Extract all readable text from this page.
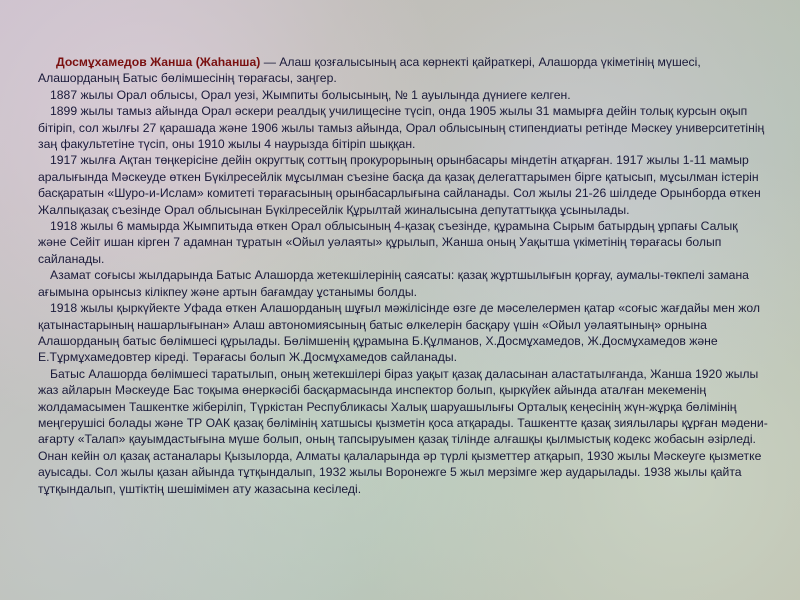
Досмұхамедов Жанша (Жаһанша) — Алаш қозғалысының аса көрнекті қайраткері, Алашорда үкіметінің мүшесі, Алашорданың Батыс бөлімшесінің төрағасы, заңгер.

1887 жылы Орал облысы, Орал уезі, Жымпиты болысының, № 1 ауылында дүниеге келген.

1899 жылы тамыз айында Орал әскери реалдық училищесіне түсіп, онда 1905 жылы 31 мамырға дейін толық курсын оқып бітіріп, сол жылғы 27 қарашада және 1906 жылы тамыз айында, Орал облысының стипендиаты ретінде Мәскеу университетінің заң факультетіне түсіп, оны 1910 жылы 4 наурызда бітіріп шыққан.

1917 жылға Ақтан төңкерісіне дейін округтық соттың прокурорының орынбасары міндетін атқарған. 1917 жылы 1-11 мамыр аралығында Мәскеуде өткен Бүкілресейлік мұсылман съезіне басқа да қазақ делегаттарымен бірге қатысып, мұсылман істерін басқаратын «Шуро-и-Ислам» комитеті төрағасының орынбасарлығына сайланады. Сол жылы 21-26 шілдеде Орынборда өткен Жалпықазақ съезінде Орал облысынан Бүкілресейлік Құрылтай жиналысына депутаттыққа ұсынылады.

1918 жылы 6 мамырда Жымпитыда өткен Орал облысының 4-қазақ съезінде, құрамына Сырым батырдың ұрпағы Салық және Сейіт ишан кірген 7 адамнан тұратын «Ойыл уәлаяты» құрылып, Жанша оның Уақытша үкіметінің төрағасы болып сайланады.

Азамат соғысы жылдарында Батыс Алашорда жетекшілерінің саясаты: қазақ жұртшылығын қорғау, аумалы-төкпелі замана ағымына орынсыз кілікпеу және артын бағамдау ұстанымы болды.

1918 жылы қыркүйекте Уфада өткен Алашорданың шұғыл мәжілісінде өзге де мәселелермен қатар «соғыс жағдайы мен жол қатынастарының нашарлығынан» Алаш автономиясының батыс өлкелерін басқару үшін «Ойыл уәлаятының» орнына Алашорданың батыс бөлімшесі құрылады. Бөлімшенің құрамына Б.Құлманов, Х.Досмұхамедов, Ж.Досмұхамедов және Е.Тұрмұхамедовтер кіреді. Төрағасы болып Ж.Досмұхамедов сайланады.

Батыс Алашорда бөлімшесі таратылып, оның жетекшілері біраз уақыт қазақ даласынан аластатылғанда, Жанша 1920 жылы жаз айларын Мәскеуде Бас тоқыма өнеркәсібі басқармасында инспектор болып, қыркүйек айында аталған мекеменің жолдамасымен Ташкентке жіберіліп, Түркістан Республикасы Халық шаруашылығы Орталық кеңесінің жүн-жұрқа бөлімінің меңгерушісі болады және ТР ОАК қазақ бөлімінің хатшысы қызметін қоса атқарады. Ташкентте қазақ зиялылары құрған мәдени-ағарту «Талап» қауымдастығына мүше болып, оның тапсыруымен қазақ тілінде алғашқы қылмыстық кодекс жобасын әзірледі. Онан кейін ол қазақ астаналары Қызылорда, Алматы қалаларында әр түрлі қызметтер атқарып, 1930 жылы Мәскеуге қызметке ауысады. Сол жылы қазан айында тұтқындалып, 1932 жылы Воронежге 5 жыл мерзімге жер аударылады. 1938 жылы қайта тұтқындалып, үштіктің шешімімен ату жазасына кесіледі.
